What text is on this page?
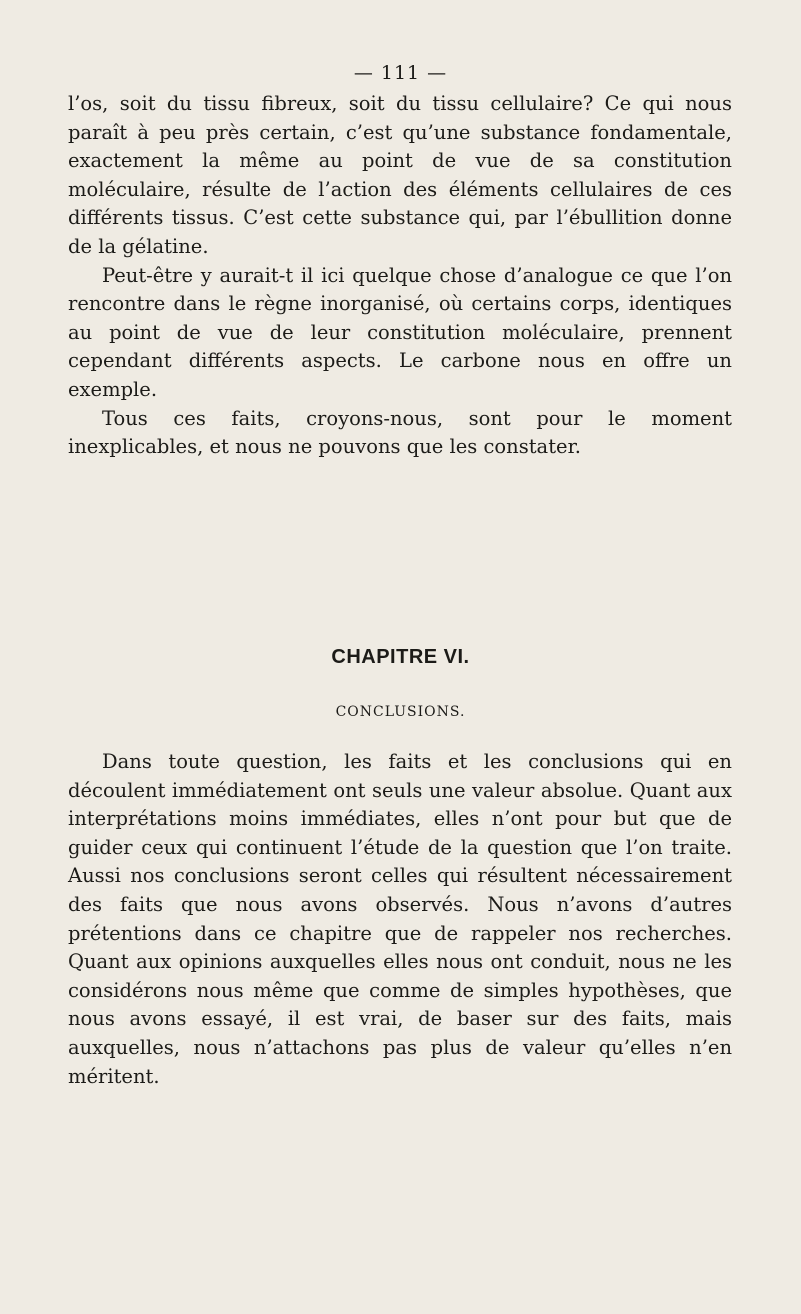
— 111 —

l’os, soit du tissu fibreux, soit du tissu cellulaire? Ce qui nous paraît à peu près certain, c’est qu’une substance fondamentale, exactement la même au point de vue de sa constitution moléculaire, résulte de l’action des éléments cellulaires de ces différents tissus. C’est cette substance qui, par l’ébullition donne de la gélatine.

Peut-être y aurait-t il ici quelque chose d’analogue ce que l’on rencontre dans le règne inorganisé, où certains corps, identiques au point de vue de leur constitution moléculaire, prennent cependant différents aspects. Le carbone nous en offre un exemple.

Tous ces faits, croyons-nous, sont pour le moment inexplicables, et nous ne pouvons que les constater.

CHAPITRE VI.
CONCLUSIONS.

Dans toute question, les faits et les conclusions qui en découlent immédiatement ont seuls une valeur absolue. Quant aux interprétations moins immédiates, elles n’ont pour but que de guider ceux qui continuent l’étude de la question que l’on traite. Aussi nos conclusions seront celles qui résultent nécessairement des faits que nous avons observés. Nous n’avons d’autres prétentions dans ce chapitre que de rappeler nos recherches. Quant aux opinions auxquelles elles nous ont conduit, nous ne les considérons nous même que comme de simples hypothèses, que nous avons essayé, il est vrai, de baser sur des faits, mais auxquelles, nous n’attachons pas plus de valeur qu’elles n’en méritent.
